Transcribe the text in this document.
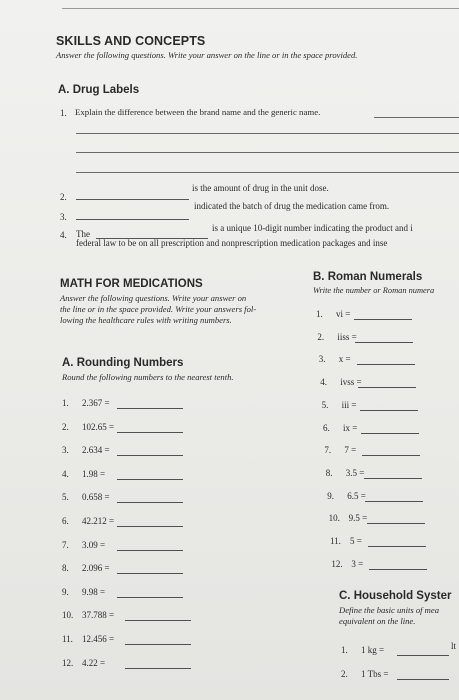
SKILLS AND CONCEPTS
Answer the following questions. Write your answer on the line or in the space provided.
A. Drug Labels
1. Explain the difference between the brand name and the generic name.
2.
is the amount of drug in the unit dose.
3.
indicated the batch of drug the medication came from.
4. The
is a unique 10-digit number indicating the product and i
federal law to be on all prescription and nonprescription medication packages and inse
MATH FOR MEDICATIONS
Answer the following questions. Write your answer on
the line or in the space provided. Write your answers fol-
lowing the healthcare rules with writing numbers.
A. Rounding Numbers
Round the following numbers to the nearest tenth.
1. 2.367 =
2. 102.65 =
3. 2.634 =
4. 1.98 =
5. 0.658 =
6. 42.212 =
7. 3.09 =
8. 2.096 =
9. 9.98 =
10. 37.788 =
11. 12.456 =
12. 4.22 =
B. Roman Numerals
Write the number or Roman numera
1. vi =
2. iiss =
3. x =
4. ivss =
5. iii =
6. ix =
7. 7 =
8. 3.5 =
9. 6.5 =
10. 9.5 =
11. 5 =
12. 3 =
C. Household Syster
Define the basic units of mea
equivalent on the line.
1. 1 kg =
2. 1 Tbs =
lt
